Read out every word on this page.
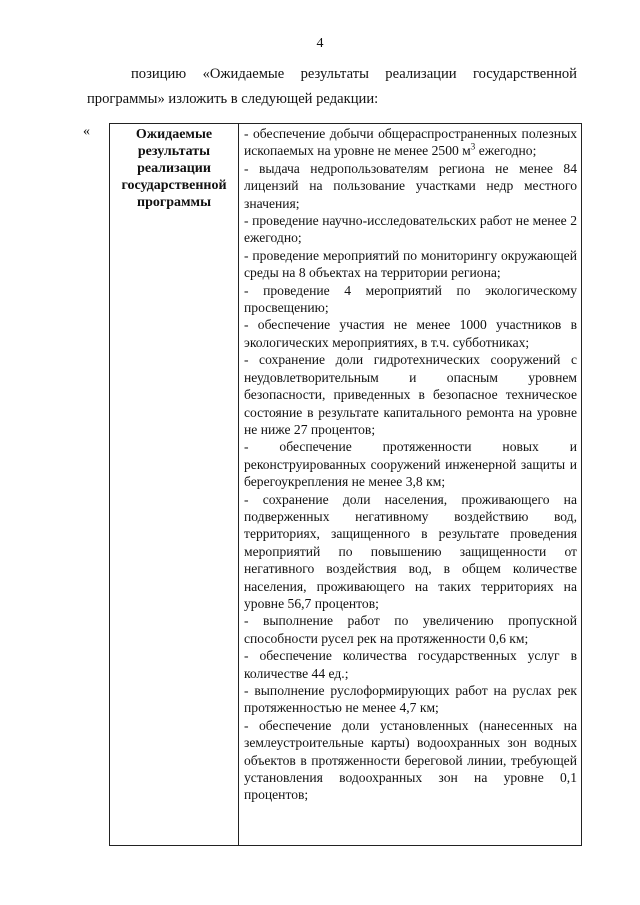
4
позицию «Ожидаемые результаты реализации государственной
программы» изложить в следующей редакции:
«	Ожидаемые результаты реализации государственной программы	
- обеспечение добычи общераспространенных полезных ископаемых на уровне не менее 2500 $м^3$ ежегодно;
- выдача недропользователям региона не менее 84 лицензий на пользование участками недр местного значения;
- проведение научно-исследовательских работ не менее 2 ежегодно;
- проведение мероприятий по мониторингу окружающей среды на 8 объектах на территории региона;
- проведение 4 мероприятий по экологическому просвещению;
- обеспечение участия не менее 1000 участников в экологических мероприятиях, в т.ч. субботниках;
- сохранение доли гидротехнических сооружений с неудовлетворительным и опасным уровнем безопасности, приведенных в безопасное техническое состояние в результате капитального ремонта на уровне не ниже 27 процентов;
- обеспечение протяженности новых и реконструированных сооружений инженерной защиты и берегоукрепления не менее 3,8 км;
- сохранение доли населения, проживающего на подверженных негативному воздействию вод, территориях, защищенного в результате проведения мероприятий по повышению защищенности от негативного воздействия вод, в общем количестве населения, проживающего на таких территориях на уровне 56,7 процентов;
- выполнение работ по увеличению пропускной способности русел рек на протяженности 0,6 км;
- обеспечение количества государственных услуг в количестве 44 ед.;
- выполнение руслоформирующих работ на руслах рек протяженностью не менее 4,7 км;
- обеспечение доли установленных (нанесенных на землеустроительные карты) водоохранных зон водных объектов в протяженности береговой линии, требующей установления водоохранных зон на уровне 0,1 процентов;
